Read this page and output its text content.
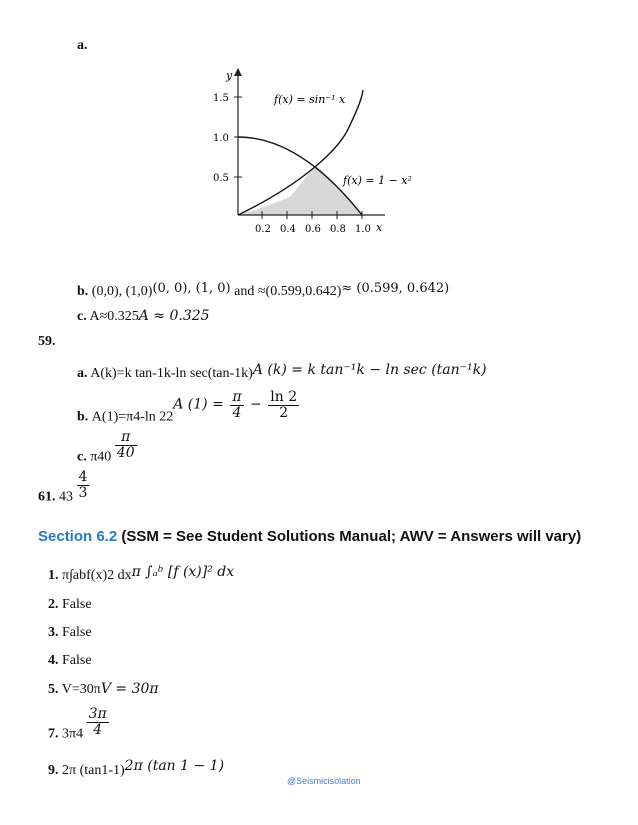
a.
y
1.5
1.0
0.5
0.2 0.4 0.6 0.8 1.0 x
f(x) = sin⁻¹ x
f(x) = 1 − x²
b. (0,0), (1,0)(0, 0), (1, 0) and ≈(0.599,0.642)≈ (0.599, 0.642)
c. A≈0.325A ≈ 0.325
59.
a. A(k)=k tan-1k-ln sec(tan-1k)A (k) = k tan⁻¹k − ln sec (tan⁻¹k)
b. A(1)=π4-ln 22A $(1) = \frac{\pi}{4} - \frac{\ln 2}{2}$
c. $\pi 40 \frac{\pi}{40}$
61. $43 \frac{4}{3}$
Section 6.2 (SSM = See Student Solutions Manual; AWV = Answers will vary)
1. π∫abf(x)2 dxπ ∫ₐᵇ [f (x)]² dx
2. False
3. False
4. False
5. V=30πV = 30π
7. $3\pi 4 \frac{3\pi}{4}$
9. 2π (tan1-1)2π (tan 1 − 1)
@Seismicisolation
